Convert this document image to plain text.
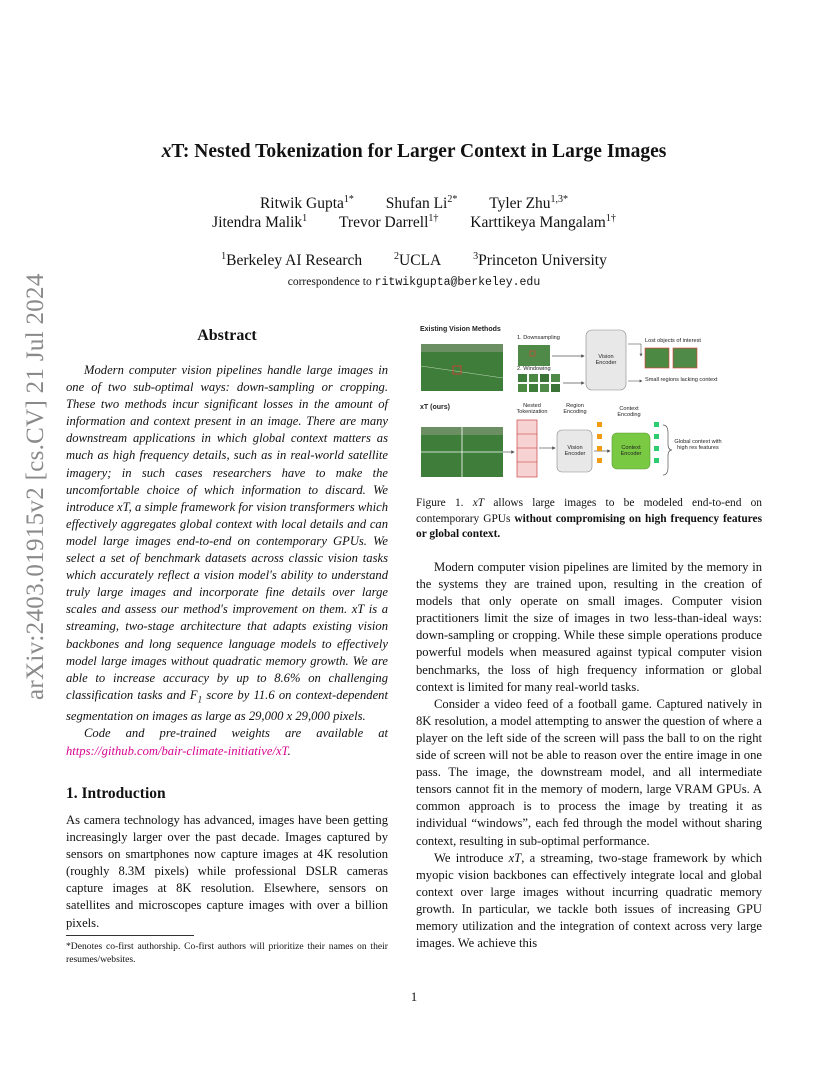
arXiv:2403.01915v2 [cs.CV] 21 Jul 2024
xT: Nested Tokenization for Larger Context in Large Images
Ritwik Gupta$^{1*}$ Shufan $Li^{2*}$ Tyler Zhu$^{1,3*}$
Jitendra Malik$^1$ Trevor Darrell$^{1\dagger}$ Karttikeya Mangalam$^{1\dagger}$
$^1$Berkeley AI Research	$^2$UCLA	$^3$Princeton University
correspondence to ritwikgupta@berkeley.edu
Abstract

Modern computer vision pipelines handle large images in one of two sub-optimal ways: down-sampling or cropping. These two methods incur significant losses in the amount of information and context present in an image. There are many downstream applications in which global context matters as much as high frequency details, such as in real-world satellite imagery; in such cases researchers have to make the uncomfortable choice of which information to discard. We introduce xT, a simple framework for vision transformers which effectively aggregates global context with local details and can model large images end-to-end on contemporary GPUs. We select a set of benchmark datasets across classic vision tasks which accurately reflect a vision model's ability to understand truly large images and incorporate fine details over large scales and assess our method's improvement on them. xT is a streaming, two-stage architecture that adapts existing vision backbones and long sequence language models to effectively model large images without quadratic memory growth. We are able to increase accuracy by up to 8.6% on challenging classification tasks and $F_1$ score by 11.6 on context-dependent segmentation on images as large as 29,000 x 29,000 pixels.

Code and pre-trained weights are available at https://github.com/bair-climate-initiative/xT.

1. Introduction
As camera technology has advanced, images have been getting increasingly larger over the past decade. Images captured by sensors on smartphones now capture images at 4K resolution (roughly 8.3M pixels) while professional DSLR cameras capture images at 8K resolution. Elsewhere, sensors on satellites and microscopes capture images with over a billion pixels.
*Denotes co-first authorship. Co-first authors will prioritize their names on their resumes/websites.
Existing Vision Methods
1. Downsampling
2. Windowing
Vision Encoder
Lost objects of interest
Small regions lacking context
xT (ours)	Nested Tokenization
Region Encoding
Context Encoding
Vision Encoder
Context Encoder
Global context with high res features
Figure 1. xT allows large images to be modeled end-to-end on contemporary GPUs without compromising on high frequency features or global context.

Modern computer vision pipelines are limited by the memory in the systems they are trained upon, resulting in the creation of models that only operate on small images. Computer vision practitioners limit the size of images in two less-than-ideal ways: down-sampling or cropping. While these simple operations produce powerful models when measured against typical computer vision benchmarks, the loss of high frequency information or global context is limited for many real-world tasks.

Consider a video feed of a football game. Captured natively in 8K resolution, a model attempting to answer the question of where a player on the left side of the screen will pass the ball to on the right side of screen will not be able to reason over the entire image in one pass. The image, the downstream model, and all intermediate tensors cannot fit in the memory of modern, large VRAM GPUs. A common approach is to process the image by treating it as individual “windows”, each fed through the model without sharing context, resulting in sub-optimal performance.

We introduce xT, a streaming, two-stage framework by which myopic vision backbones can effectively integrate local and global context over large images without incurring quadratic memory growth. In particular, we tackle both issues of increasing GPU memory utilization and the integration of context across very large images. We achieve this

1
